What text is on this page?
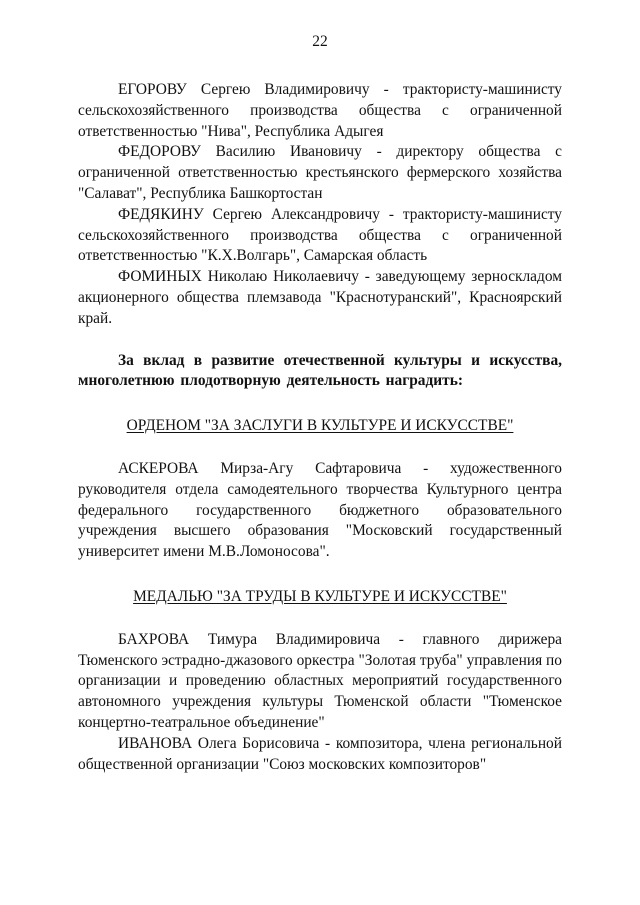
22

ЕГОРОВУ Сергею Владимировичу - трактористу-машинисту сельскохозяйственного производства общества с ограниченной ответственностью "Нива", Республика Адыгея

ФЕДОРОВУ Василию Ивановичу - директору общества с ограниченной ответственностью крестьянского фермерского хозяйства "Салават", Республика Башкортостан

ФЕДЯКИНУ Сергею Александровичу - трактористу-машинисту сельскохозяйственного производства общества с ограниченной ответственностью "К.Х.Волгарь", Самарская область

ФОМИНЫХ Николаю Николаевичу - заведующему зерноскладом акционерного общества племзавода "Краснотуранский", Красноярский край.

За вклад в развитие отечественной культуры и искусства, многолетнюю плодотворную деятельность наградить:

ОРДЕНОМ "ЗА ЗАСЛУГИ В КУЛЬТУРЕ И ИСКУССТВЕ"

АСКЕРОВА Мирза-Агу Сафтаровича - художественного руководителя отдела самодеятельного творчества Культурного центра федерального государственного бюджетного образовательного учреждения высшего образования "Московский государственный университет имени М.В.Ломоносова".

МЕДАЛЬЮ "ЗА ТРУДЫ В КУЛЬТУРЕ И ИСКУССТВЕ"

БАХРОВА Тимура Владимировича - главного дирижера Тюменского эстрадно-джазового оркестра "Золотая труба" управления по организации и проведению областных мероприятий государственного автономного учреждения культуры Тюменской области "Тюменское концертно-театральное объединение"

ИВАНОВА Олега Борисовича - композитора, члена региональной общественной организации "Союз московских композиторов"
